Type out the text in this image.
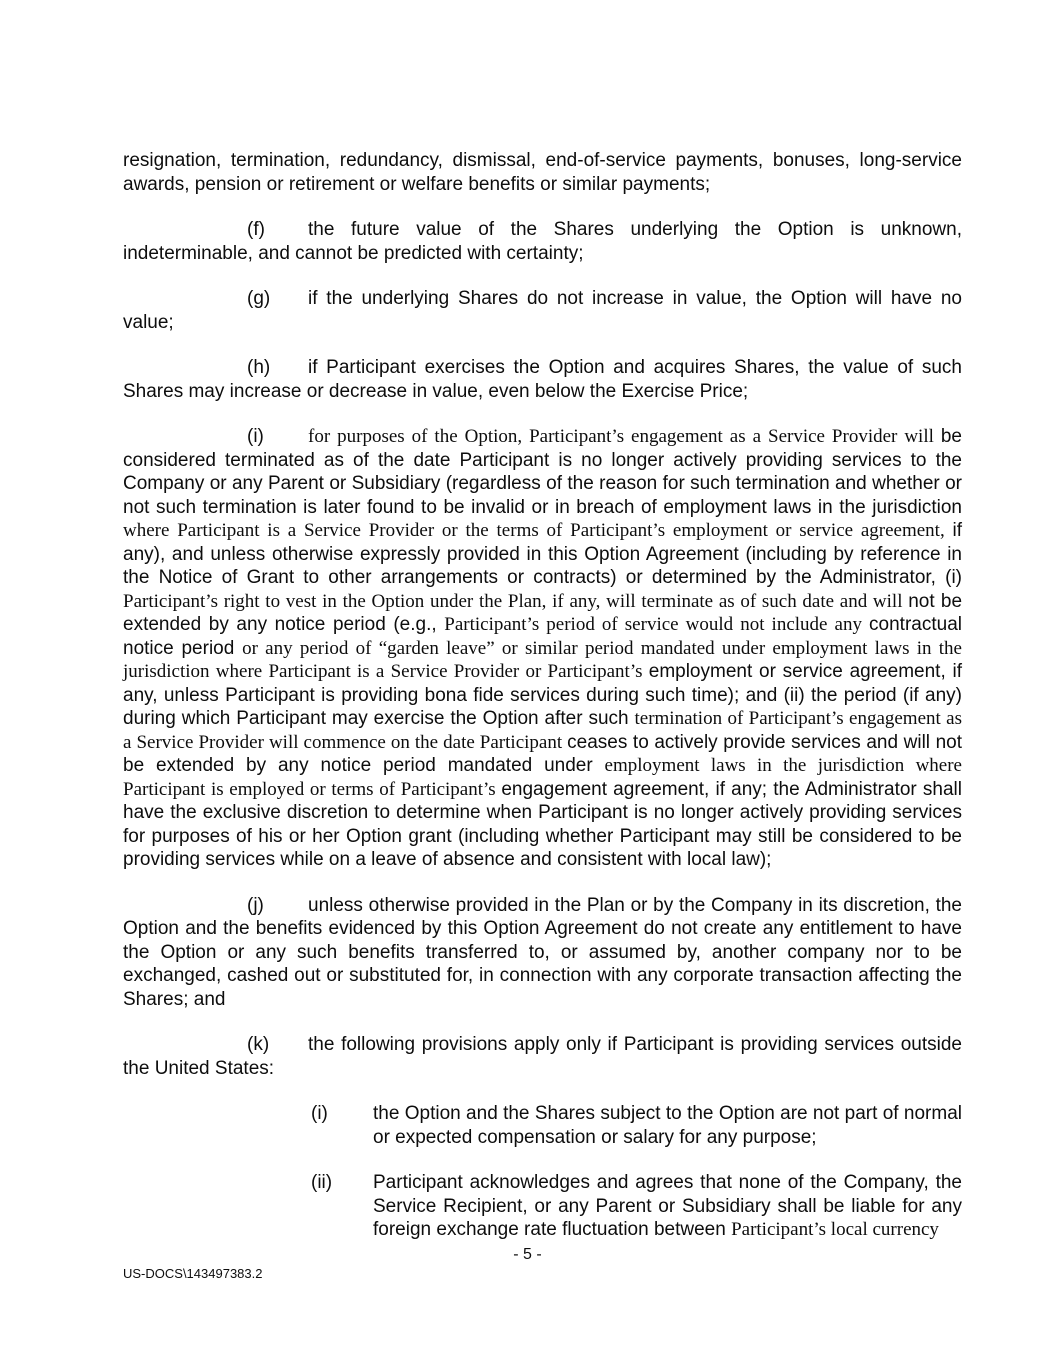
resignation, termination, redundancy, dismissal, end-of-service payments, bonuses, long-service awards, pension or retirement or welfare benefits or similar payments;

(f) the future value of the Shares underlying the Option is unknown, indeterminable, and cannot be predicted with certainty;

(g) if the underlying Shares do not increase in value, the Option will have no value;

(h) if Participant exercises the Option and acquires Shares, the value of such Shares may increase or decrease in value, even below the Exercise Price;

(i) for purposes of the Option, Participant’s engagement as a Service Provider will be considered terminated as of the date Participant is no longer actively providing services to the Company or any Parent or Subsidiary (regardless of the reason for such termination and whether or not such termination is later found to be invalid or in breach of employment laws in the jurisdiction where Participant is a Service Provider or the terms of Participant’s employment or service agreement, if any), and unless otherwise expressly provided in this Option Agreement (including by reference in the Notice of Grant to other arrangements or contracts) or determined by the Administrator, (i) Participant’s right to vest in the Option under the Plan, if any, will terminate as of such date and will not be extended by any notice period (e.g., Participant’s period of service would not include any contractual notice period or any period of “garden leave” or similar period mandated under employment laws in the jurisdiction where Participant is a Service Provider or Participant’s employment or service agreement, if any, unless Participant is providing bona fide services during such time); and (ii) the period (if any) during which Participant may exercise the Option after such termination of Participant’s engagement as a Service Provider will commence on the date Participant ceases to actively provide services and will not be extended by any notice period mandated under employment laws in the jurisdiction where Participant is employed or terms of Participant’s engagement agreement, if any; the Administrator shall have the exclusive discretion to determine when Participant is no longer actively providing services for purposes of his or her Option grant (including whether Participant may still be considered to be providing services while on a leave of absence and consistent with local law);

(j) unless otherwise provided in the Plan or by the Company in its discretion, the Option and the benefits evidenced by this Option Agreement do not create any entitlement to have the Option or any such benefits transferred to, or assumed by, another company nor to be exchanged, cashed out or substituted for, in connection with any corporate transaction affecting the Shares; and

(k) the following provisions apply only if Participant is providing services outside the United States:

(i) the Option and the Shares subject to the Option are not part of normal or expected compensation or salary for any purpose;

(ii) Participant acknowledges and agrees that none of the Company, the Service Recipient, or any Parent or Subsidiary shall be liable for any foreign exchange rate fluctuation between Participant’s local currency

- 5 -
US-DOCS\143497383.2
